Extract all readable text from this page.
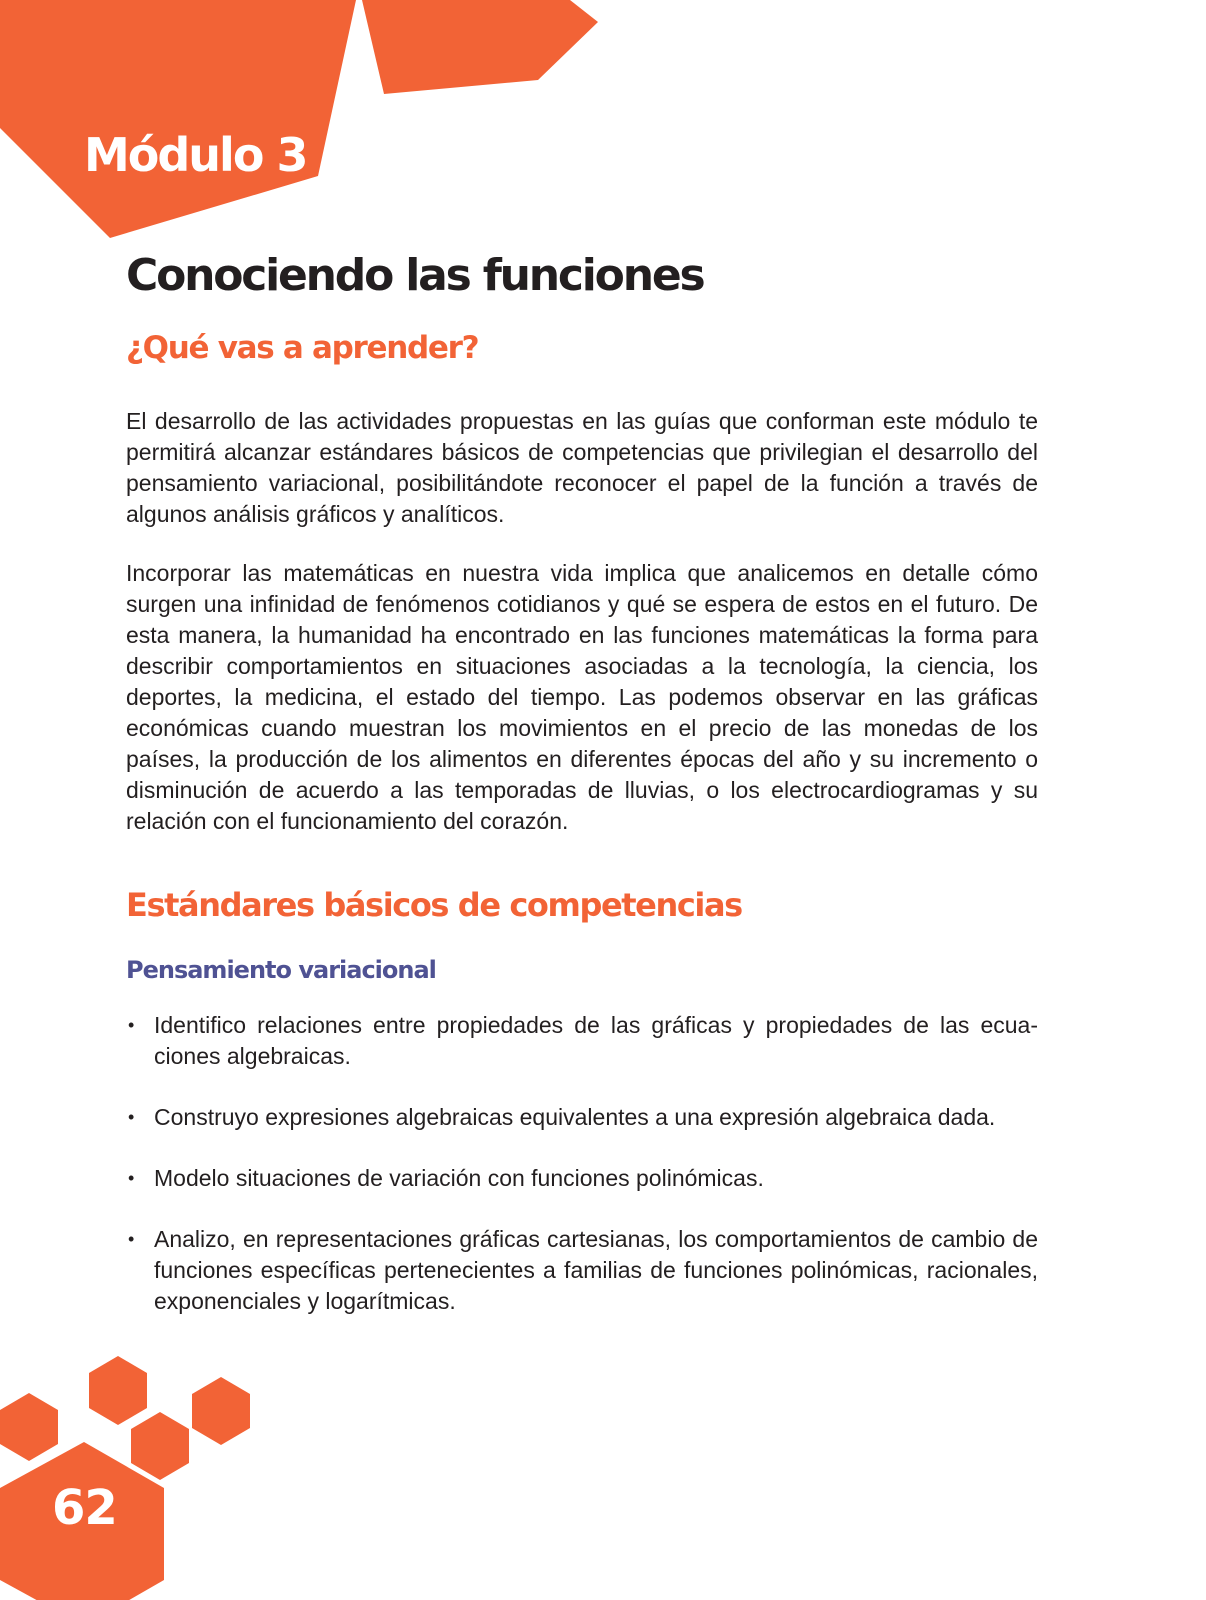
Módulo 3
Conociendo las funciones
¿Qué vas a aprender?

El desarrollo de las actividades propuestas en las guías que conforman este módulo te permitirá alcanzar estándares básicos de competencias que privilegian el desarrollo del pensamiento variacional, posibilitándote reconocer el papel de la función a través de algunos análisis gráficos y analíticos.

Incorporar las matemáticas en nuestra vida implica que analicemos en detalle cómo surgen una infinidad de fenómenos cotidianos y qué se espera de estos en el futuro. De esta manera, la humanidad ha encontrado en las funciones matemáticas la forma para describir comportamientos en situaciones asociadas a la tecnología, la ciencia, los deportes, la medicina, el estado del tiempo. Las podemos observar en las gráficas económicas cuando muestran los movimientos en el precio de las monedas de los países, la producción de los alimentos en diferentes épocas del año y su incremento o disminución de acuerdo a las temporadas de lluvias, o los electrocardiogramas y su relación con el funcionamiento del corazón.

Estándares básicos de competencias
Pensamiento variacional
• Identifico relaciones entre propiedades de las gráficas y propiedades de las ecuaciones algebraicas.
• Construyo expresiones algebraicas equivalentes a una expresión algebraica dada.
• Modelo situaciones de variación con funciones polinómicas.
• Analizo, en representaciones gráficas cartesianas, los comportamientos de cambio de funciones específicas pertenecientes a familias de funciones polinómicas, racionales, exponenciales y logarítmicas.
62
